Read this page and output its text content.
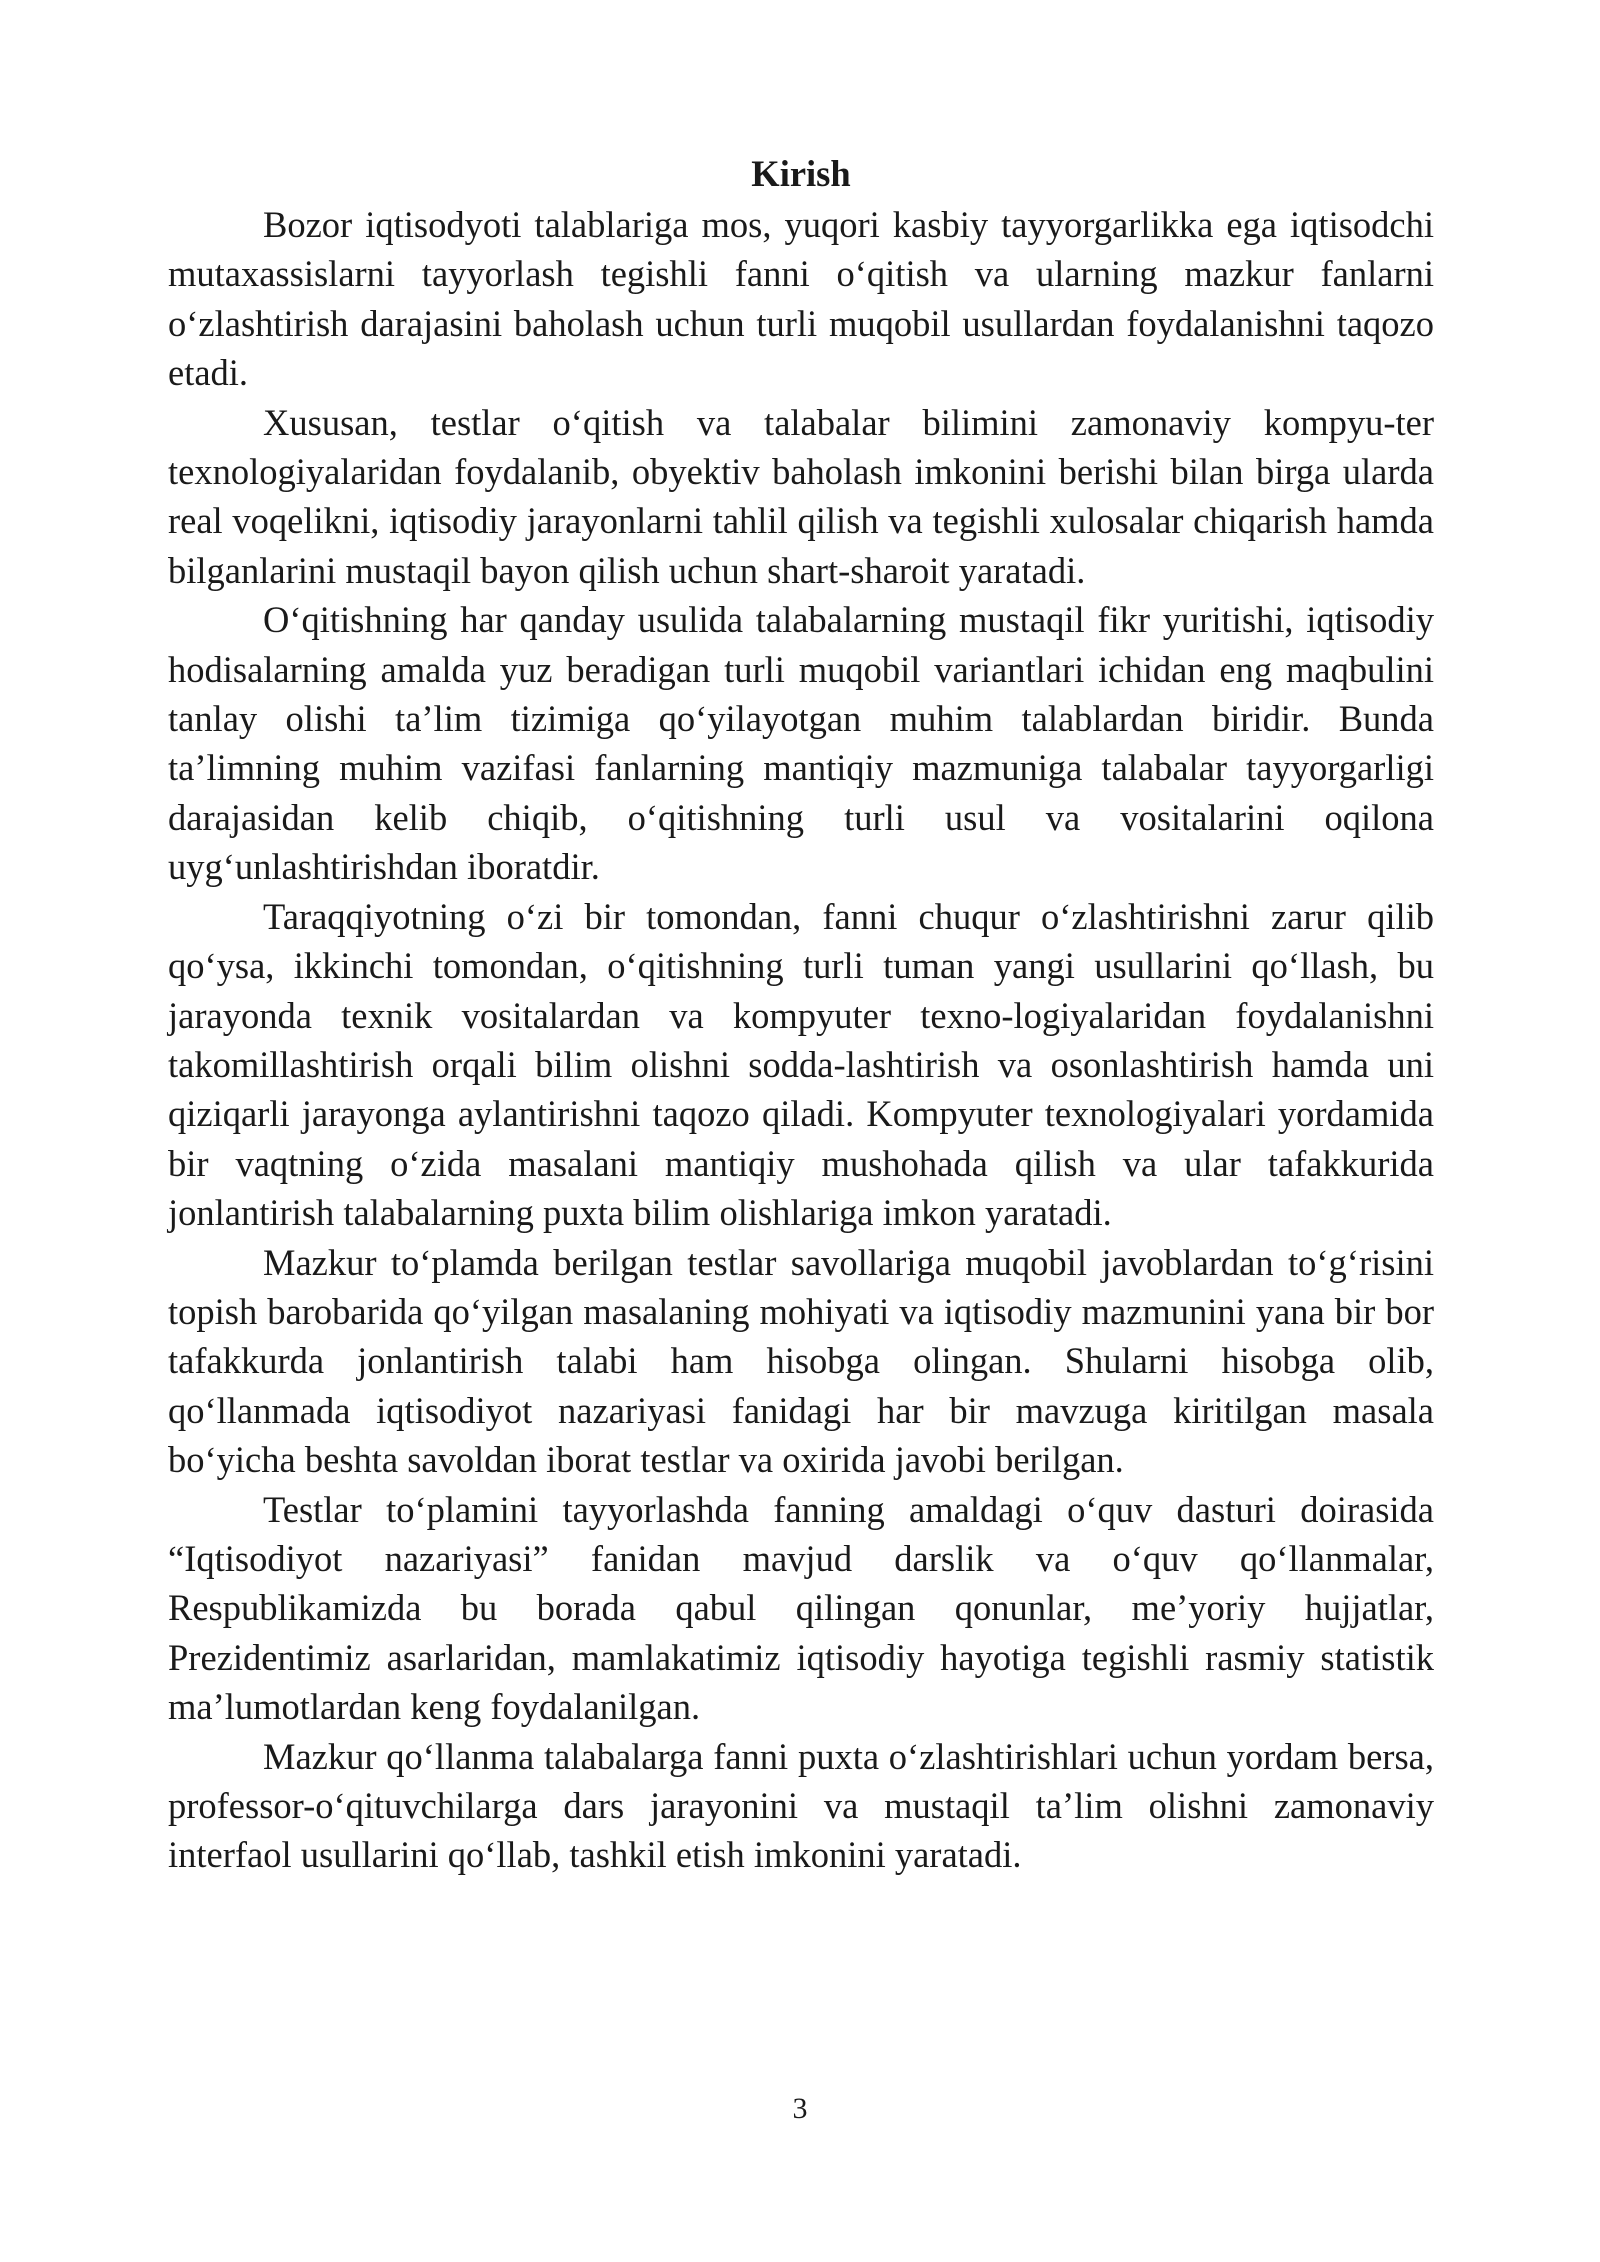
Kirish

Bozor iqtisodyoti talablariga mos, yuqori kasbiy tayyorgarlikka ega iqtisodchi mutaxassislarni tayyorlash tegishli fanni o‘qitish va ularning mazkur fanlarni o‘zlashtirish darajasini baholash uchun turli muqobil usullardan foydalanishni taqozo etadi.

Xususan, testlar o‘qitish va talabalar bilimini zamonaviy kompyu-ter texnologiyalaridan foydalanib, obyektiv baholash imkonini berishi bilan birga ularda real voqelikni, iqtisodiy jarayonlarni tahlil qilish va tegishli xulosalar chiqarish hamda bilganlarini mustaqil bayon qilish uchun shart-sharoit yaratadi.

O‘qitishning har qanday usulida talabalarning mustaqil fikr yuritishi, iqtisodiy hodisalarning amalda yuz beradigan turli muqobil variantlari ichidan eng maqbulini tanlay olishi ta’lim tizimiga qo‘yilayotgan muhim talablardan biridir. Bunda ta’limning muhim vazifasi fanlarning mantiqiy mazmuniga talabalar tayyorgarligi darajasidan kelib chiqib, o‘qitishning turli usul va vositalarini oqilona uyg‘unlashtirishdan iboratdir.

Taraqqiyotning o‘zi bir tomondan, fanni chuqur o‘zlashtirishni zarur qilib qo‘ysa, ikkinchi tomondan, o‘qitishning turli tuman yangi usullarini qo‘llash, bu jarayonda texnik vositalardan va kompyuter texno-logiyalaridan foydalanishni takomillashtirish orqali bilim olishni sodda-lashtirish va osonlashtirish hamda uni qiziqarli jarayonga aylantirishni taqozo qiladi. Kompyuter texnologiyalari yordamida bir vaqtning o‘zida masalani mantiqiy mushohada qilish va ular tafakkurida jonlantirish talabalarning puxta bilim olishlariga imkon yaratadi.

Mazkur to‘plamda berilgan testlar savollariga muqobil javoblardan to‘g‘risini topish barobarida qo‘yilgan masalaning mohiyati va iqtisodiy mazmunini yana bir bor tafakkurda jonlantirish talabi ham hisobga olingan. Shularni hisobga olib, qo‘llanmada iqtisodiyot nazariyasi fanidagi har bir mavzuga kiritilgan masala bo‘yicha beshta savoldan iborat testlar va oxirida javobi berilgan.

Testlar to‘plamini tayyorlashda fanning amaldagi o‘quv dasturi doirasida “Iqtisodiyot nazariyasi” fanidan mavjud darslik va o‘quv qo‘llanmalar, Respublikamizda bu borada qabul qilingan qonunlar, me’yoriy hujjatlar, Prezidentimiz asarlaridan, mamlakatimiz iqtisodiy hayotiga tegishli rasmiy statistik ma’lumotlardan keng foydalanilgan.

Mazkur qo‘llanma talabalarga fanni puxta o‘zlashtirishlari uchun yordam bersa, professor-o‘qituvchilarga dars jarayonini va mustaqil ta’lim olishni zamonaviy interfaol usullarini qo‘llab, tashkil etish imkonini yaratadi.

3
